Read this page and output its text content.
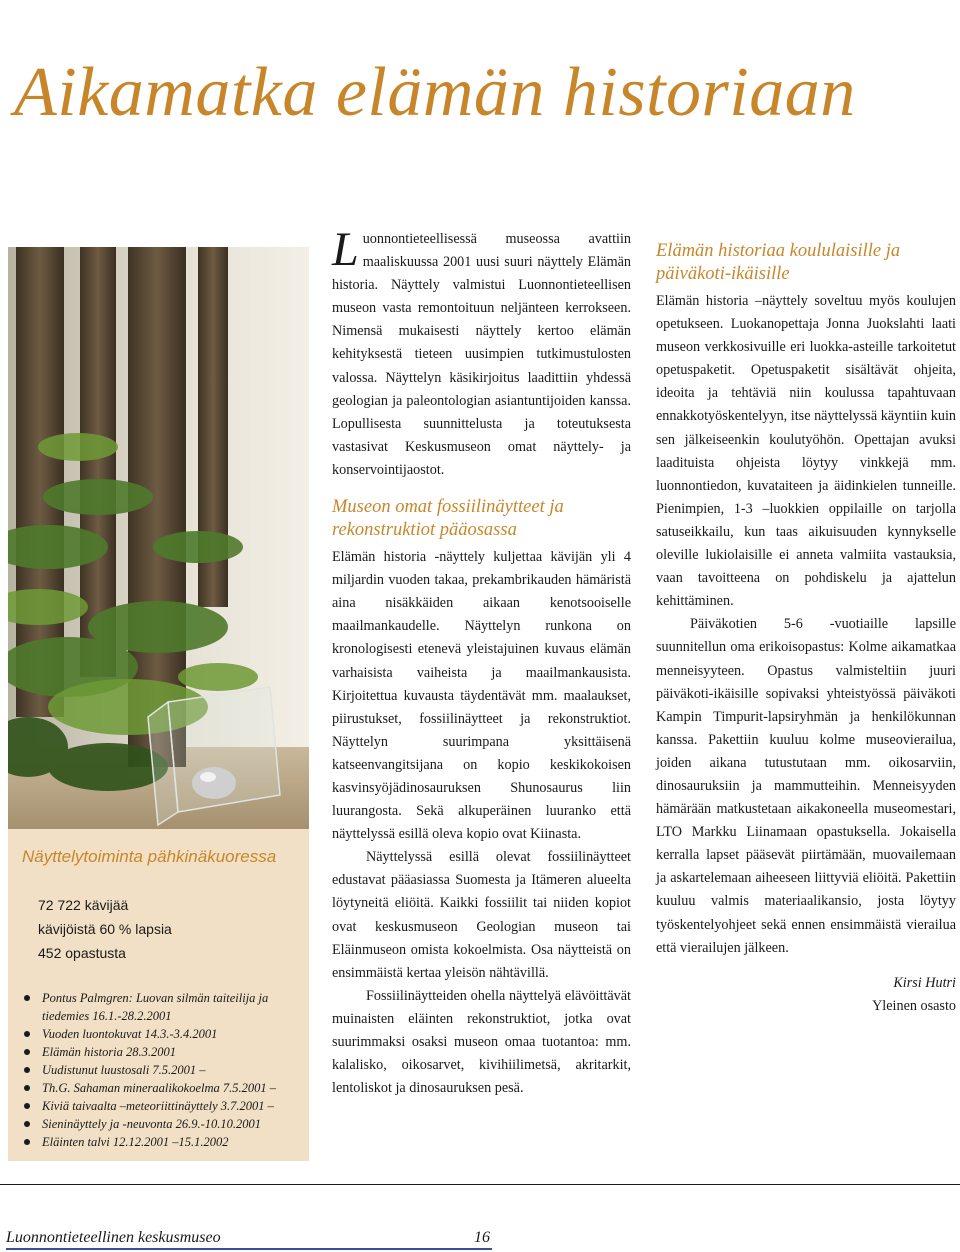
Aikamatka elämän historiaan
Näyttelytoiminta pähkinäkuoressa
72 722 kävijää
kävijöistä 60 % lapsia
452 opastusta
Pontus Palmgren: Luovan silmän taiteilija ja tiedemies 16.1.-28.2.2001
Vuoden luontokuvat 14.3.-3.4.2001
Elämän historia 28.3.2001
Uudistunut luustosali 7.5.2001 –
Th.G. Sahaman mineraalikokoelma 7.5.2001 –
Kiviä taivaalta –meteoriittinäyttely 3.7.2001 –
Sieninäyttely ja -neuvonta 26.9.-10.10.2001
Eläinten talvi 12.12.2001 –15.1.2002

Luonnontieteellisessä museossa avattiin maaliskuussa 2001 uusi suuri näyttely Elämän historia. Näyttely valmistui Luonnontieteellisen museon vasta remontoituun neljänteen kerrokseen. Nimensä mukaisesti näyttely kertoo elämän kehityksestä tieteen uusimpien tutkimustulosten valossa. Näyttelyn käsikirjoitus laadittiin yhdessä geologian ja paleontologian asiantuntijoiden kanssa. Lopullisesta suunnittelusta ja toteutuksesta vastasivat Keskusmuseon omat näyttely- ja konservointijaostot.

Museon omat fossiilinäytteet ja rekonstruktiot pääosassa

Elämän historia -näyttely kuljettaa kävijän yli 4 miljardin vuoden takaa, prekambrikauden hämäristä aina nisäkkäiden aikaan kenotsooiselle maailmankaudelle. Näyttelyn runkona on kronologisesti etenevä yleistajuinen kuvaus elämän varhaisista vaiheista ja maailmankausista. Kirjoitettua kuvausta täydentävät mm. maalaukset, piirustukset, fossiilinäytteet ja rekonstruktiot. Näyttelyn suurimpana yksittäisenä katseenvangitsijana on kopio keskikokoisen kasvinsyöjädinosauruksen Shunosaurus liin luurangosta. Sekä alkuperäinen luuranko että näyttelyssä esillä oleva kopio ovat Kiinasta.

Näyttelyssä esillä olevat fossiilinäytteet edustavat pääasiassa Suomesta ja Itämeren alueelta löytyneitä eliöitä. Kaikki fossiilit tai niiden kopiot ovat keskusmuseon Geologian museon tai Eläinmuseon omista kokoelmista. Osa näytteistä on ensimmäistä kertaa yleisön nähtävillä.

Fossiilinäytteiden ohella näyttelyä elävöittävät muinaisten eläinten rekonstruktiot, jotka ovat suurimmaksi osaksi museon omaa tuotantoa: mm. kalalisko, oikosarvet, kivihiilimetsä, akritarkit, lentoliskot ja dinosauruksen pesä.

Elämän historiaa koululaisille ja päiväkoti-ikäisille

Elämän historia –näyttely soveltuu myös koulujen opetukseen. Luokanopettaja Jonna Juokslahti laati museon verkkosivuille eri luokka-asteille tarkoitetut opetuspaketit. Opetuspaketit sisältävät ohjeita, ideoita ja tehtäviä niin koulussa tapahtuvaan ennakkotyöskentelyyn, itse näyttelyssä käyntiin kuin sen jälkeiseenkin koulutyöhön. Opettajan avuksi laadituista ohjeista löytyy vinkkejä mm. luonnontiedon, kuvataiteen ja äidinkielen tunneille. Pienimpien, 1-3 –luokkien oppilaille on tarjolla satuseikkailu, kun taas aikuisuuden kynnykselle oleville lukiolaisille ei anneta valmiita vastauksia, vaan tavoitteena on pohdiskelu ja ajattelun kehittäminen.

Päiväkotien 5-6 -vuotiaille lapsille suunnitellun oma erikoisopastus: Kolme aikamatkaa menneisyyteen. Opastus valmisteltiin juuri päiväkoti-ikäisille sopivaksi yhteistyössä päiväkoti Kampin Timpurit-lapsiryhmän ja henkilökunnan kanssa. Pakettiin kuuluu kolme museovierailua, joiden aikana tutustutaan mm. oikosarviin, dinosauruksiin ja mammutteihin. Menneisyyden hämärään matkustetaan aikakoneella museomestari, LTO Markku Liinamaan opastuksella. Jokaisella kerralla lapset pääsevät piirtämään, muovailemaan ja askartelemaan aiheeseen liittyviä eliöitä. Pakettiin kuuluu valmis materiaalikansio, josta löytyy työskentelyohjeet sekä ennen ensimmäistä vierailua että vierailujen jälkeen.

Kirsi Hutri
Yleinen osasto
Luonnontieteellinen keskusmuseo	16
